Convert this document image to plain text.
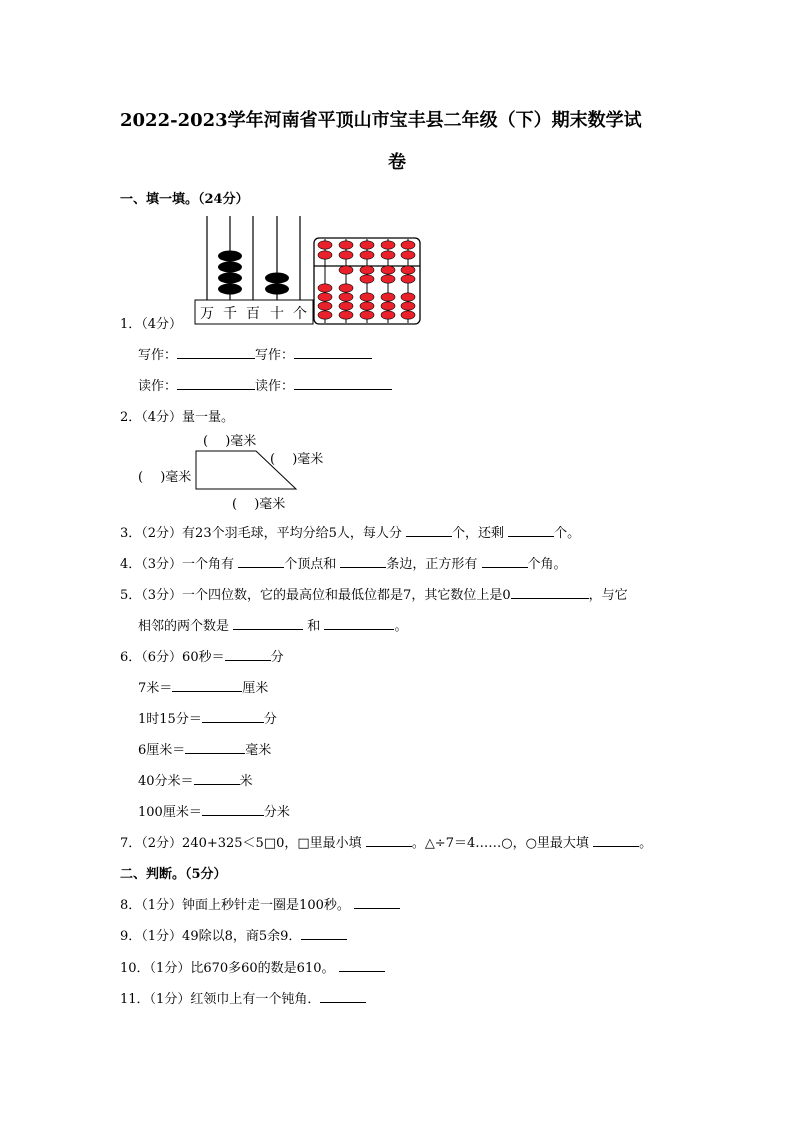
2022-2023学年河南省平顶山市宝丰县二年级（下）期末数学试
卷
一、填一填。（24分）
万 千 百 十 个
1．（4分）
写作：	写作：
读作：	读作：
2．（4分）量一量。
(　 )毫米
(　 )毫米
(　 )毫米
(　 )毫米
3．（2分）有23个羽毛球，平均分给5人，每人分	个，还剩	个。
4．（3分）一个角有	个顶点和	条边，正方形有	个角。
5．（3分）一个四位数，它的最高位和最低位都是7，其它数位上是0	，与它
相邻的两个数是	和	。
6．（6分）60秒＝	分
7米＝	厘米
1时15分＝	分
6厘米＝	毫米
40分米＝	米
100厘米＝	分米
7．（2分）240+325＜5□0，□里最小填	。△÷7＝4……○，○里最大填	。
二、判断。（5分）
8．（1分）钟面上秒针走一圈是100秒。
9．（1分）49除以8，商5余9．
10．（1分）比670多60的数是610。
11．（1分）红领巾上有一个钝角．
